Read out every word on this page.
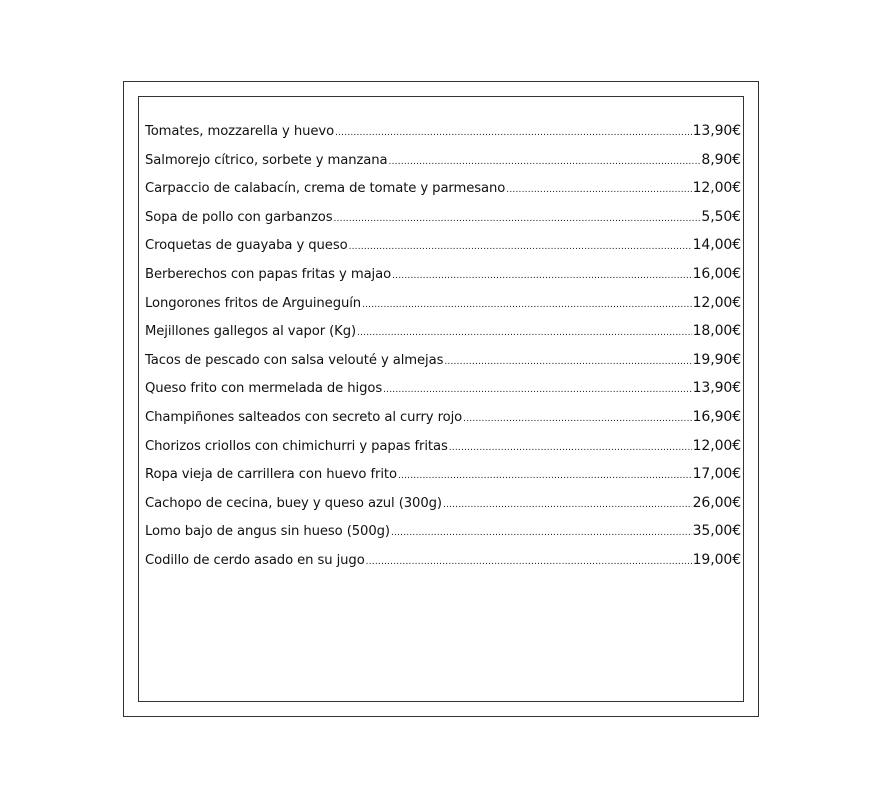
Tomates, mozzarella y huevo .....	13,90€
Salmorejo cítrico, sorbete y manzana .....	8,90€
Carpaccio de calabacín, crema de tomate y parmesano .....	12,00€
Sopa de pollo con garbanzos .....	5,50€
Croquetas de guayaba y queso .....	14,00€
Berberechos con papas fritas y majao .....	16,00€
Longorones fritos de Arguineguín .....	12,00€
Mejillones gallegos al vapor (Kg) .....	18,00€
Tacos de pescado con salsa velouté y almejas .....	19,90€
Queso frito con mermelada de higos .....	13,90€
Champiñones salteados con secreto al curry rojo .....	16,90€
Chorizos criollos con chimichurri y papas fritas .....	12,00€
Ropa vieja de carrillera con huevo frito .....	17,00€
Cachopo de cecina, buey y queso azul (300g) .....	26,00€
Lomo bajo de angus sin hueso (500g) .....	35,00€
Codillo de cerdo asado en su jugo .....	19,00€
